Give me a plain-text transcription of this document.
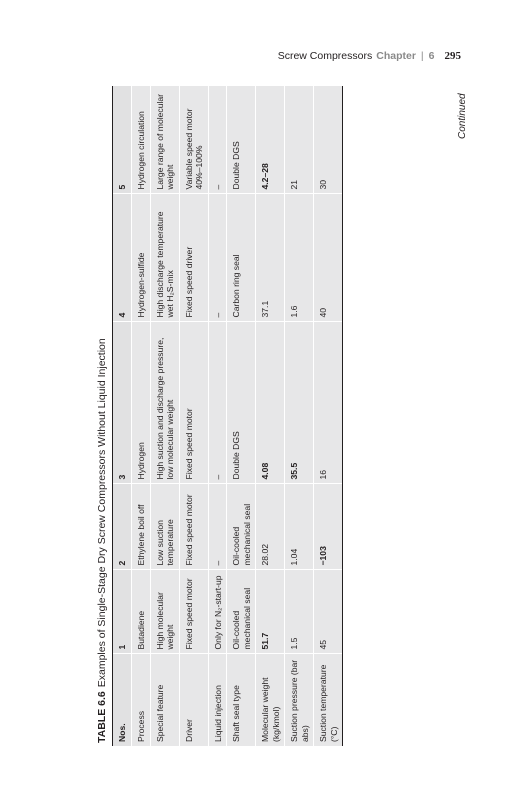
Screw Compressors Chapter | 6 295
TABLE 6.6Examples of Single-Stage Dry Screw Compressors Without Liquid Injection
Nos.	1	2	3	4	5
Process	Butadiene	Ethylene boil off	Hydrogen	Hydrogen-sulfide	Hydrogen circulation
Special feature	High molecular weight	Low suction temperature	High suction and discharge pressure, low molecular weight	High discharge temperature wet H₂S-mix	Large range of molecular weight
Driver	Fixed speed motor	Fixed speed motor	Fixed speed motor	Fixed speed driver	Variable speed motor 40%–100%
Liquid injection	Only for N₂-start-up	–	–	–	–
Shaft seal type	Oil-cooled mechanical seal	Oil-cooled mechanical seal	Double DGS	Carbon ring seal	Double DGS
Molecular weight (kg/kmol)	51.7	28.02	4.08	37.1	4.2–28
Suction pressure (bar abs)	1.5	1.04	35.5	1.6	21
Suction temperature (°C)	45	−103	16	40	30
Continued
